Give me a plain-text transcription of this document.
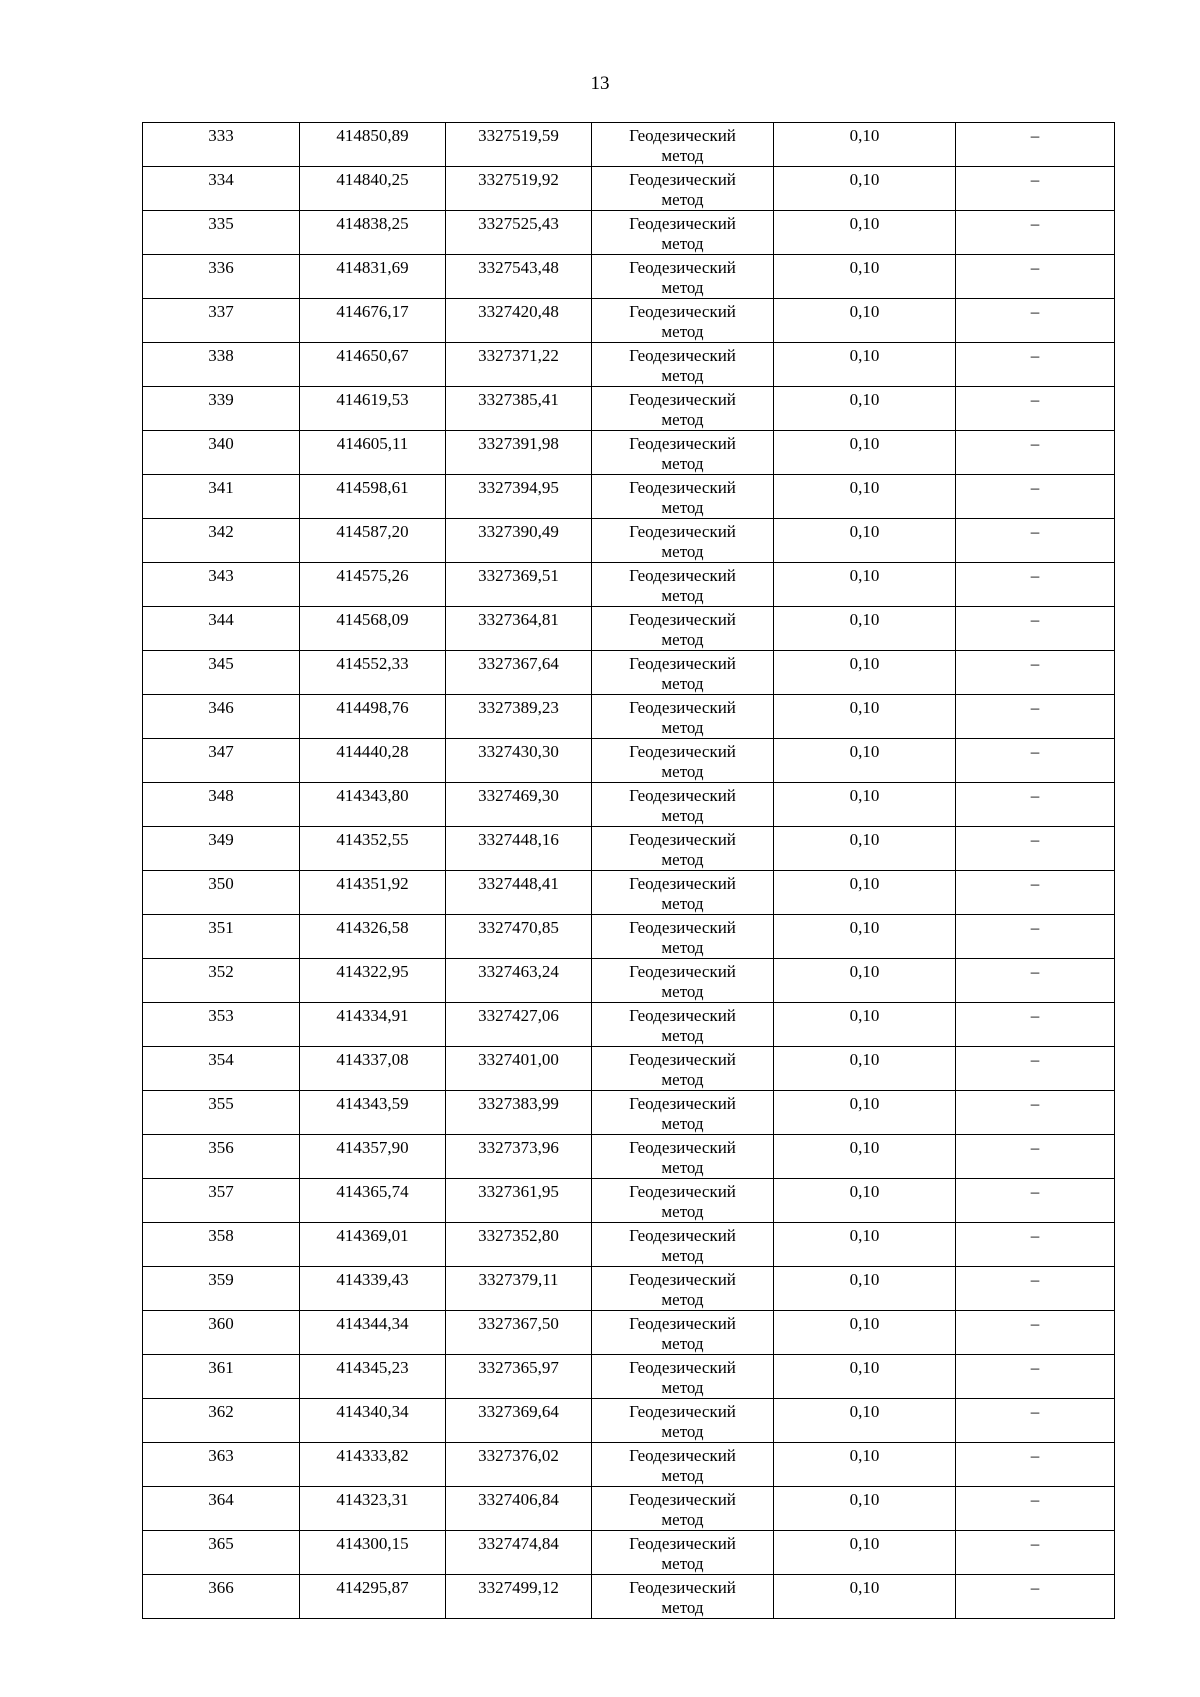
13
333	414850,89	3327519,59	Геодезический метод	0,10	–
334	414840,25	3327519,92	Геодезический метод	0,10	–
335	414838,25	3327525,43	Геодезический метод	0,10	–
336	414831,69	3327543,48	Геодезический метод	0,10	–
337	414676,17	3327420,48	Геодезический метод	0,10	–
338	414650,67	3327371,22	Геодезический метод	0,10	–
339	414619,53	3327385,41	Геодезический метод	0,10	–
340	414605,11	3327391,98	Геодезический метод	0,10	–
341	414598,61	3327394,95	Геодезический метод	0,10	–
342	414587,20	3327390,49	Геодезический метод	0,10	–
343	414575,26	3327369,51	Геодезический метод	0,10	–
344	414568,09	3327364,81	Геодезический метод	0,10	–
345	414552,33	3327367,64	Геодезический метод	0,10	–
346	414498,76	3327389,23	Геодезический метод	0,10	–
347	414440,28	3327430,30	Геодезический метод	0,10	–
348	414343,80	3327469,30	Геодезический метод	0,10	–
349	414352,55	3327448,16	Геодезический метод	0,10	–
350	414351,92	3327448,41	Геодезический метод	0,10	–
351	414326,58	3327470,85	Геодезический метод	0,10	–
352	414322,95	3327463,24	Геодезический метод	0,10	–
353	414334,91	3327427,06	Геодезический метод	0,10	–
354	414337,08	3327401,00	Геодезический метод	0,10	–
355	414343,59	3327383,99	Геодезический метод	0,10	–
356	414357,90	3327373,96	Геодезический метод	0,10	–
357	414365,74	3327361,95	Геодезический метод	0,10	–
358	414369,01	3327352,80	Геодезический метод	0,10	–
359	414339,43	3327379,11	Геодезический метод	0,10	–
360	414344,34	3327367,50	Геодезический метод	0,10	–
361	414345,23	3327365,97	Геодезический метод	0,10	–
362	414340,34	3327369,64	Геодезический метод	0,10	–
363	414333,82	3327376,02	Геодезический метод	0,10	–
364	414323,31	3327406,84	Геодезический метод	0,10	–
365	414300,15	3327474,84	Геодезический метод	0,10	–
366	414295,87	3327499,12	Геодезический метод	0,10	–
